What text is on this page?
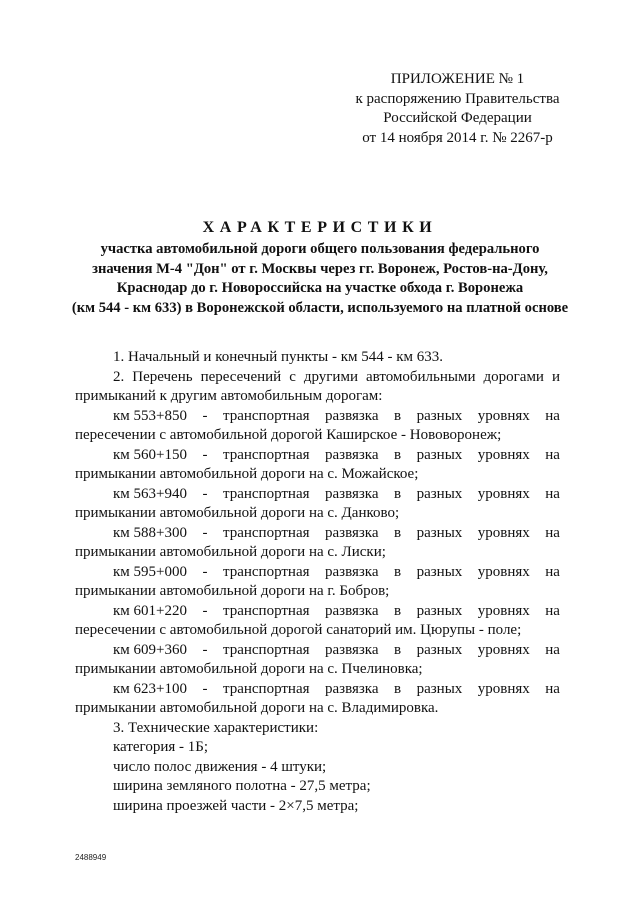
ПРИЛОЖЕНИЕ № 1
к распоряжению Правительства
Российской Федерации
от 14 ноября 2014 г. № 2267-р
ХАРАКТЕРИСТИКИ
участка автомобильной дороги общего пользования федерального
значения М-4 "Дон" от г. Москвы через гг. Воронеж, Ростов-на-Дону,
Краснодар до г. Новороссийска на участке обхода г. Воронежа
(км 544 - км 633) в Воронежской области, используемого на платной основе
1. Начальный и конечный пункты - км 544 - км 633.
2. Перечень пересечений с другими автомобильными дорогами и
примыканий к другим автомобильным дорогам:
км 553+850 - транспортная развязка в разных уровнях на
пересечении с автомобильной дорогой Каширское - Нововоронеж;
км 560+150 - транспортная развязка в разных уровнях на
примыкании автомобильной дороги на с. Можайское;
км 563+940 - транспортная развязка в разных уровнях на
примыкании автомобильной дороги на с. Данково;
км 588+300 - транспортная развязка в разных уровнях на
примыкании автомобильной дороги на с. Лиски;
км 595+000 - транспортная развязка в разных уровнях на
примыкании автомобильной дороги на г. Бобров;
км 601+220 - транспортная развязка в разных уровнях на
пересечении с автомобильной дорогой санаторий им. Цюрупы - поле;
км 609+360 - транспортная развязка в разных уровнях на
примыкании автомобильной дороги на с. Пчелиновка;
км 623+100 - транспортная развязка в разных уровнях на
примыкании автомобильной дороги на с. Владимировка.
3. Технические характеристики:
категория - 1Б;
число полос движения - 4 штуки;
ширина земляного полотна - 27,5 метра;
ширина проезжей части - 2×7,5 метра;
2488949
